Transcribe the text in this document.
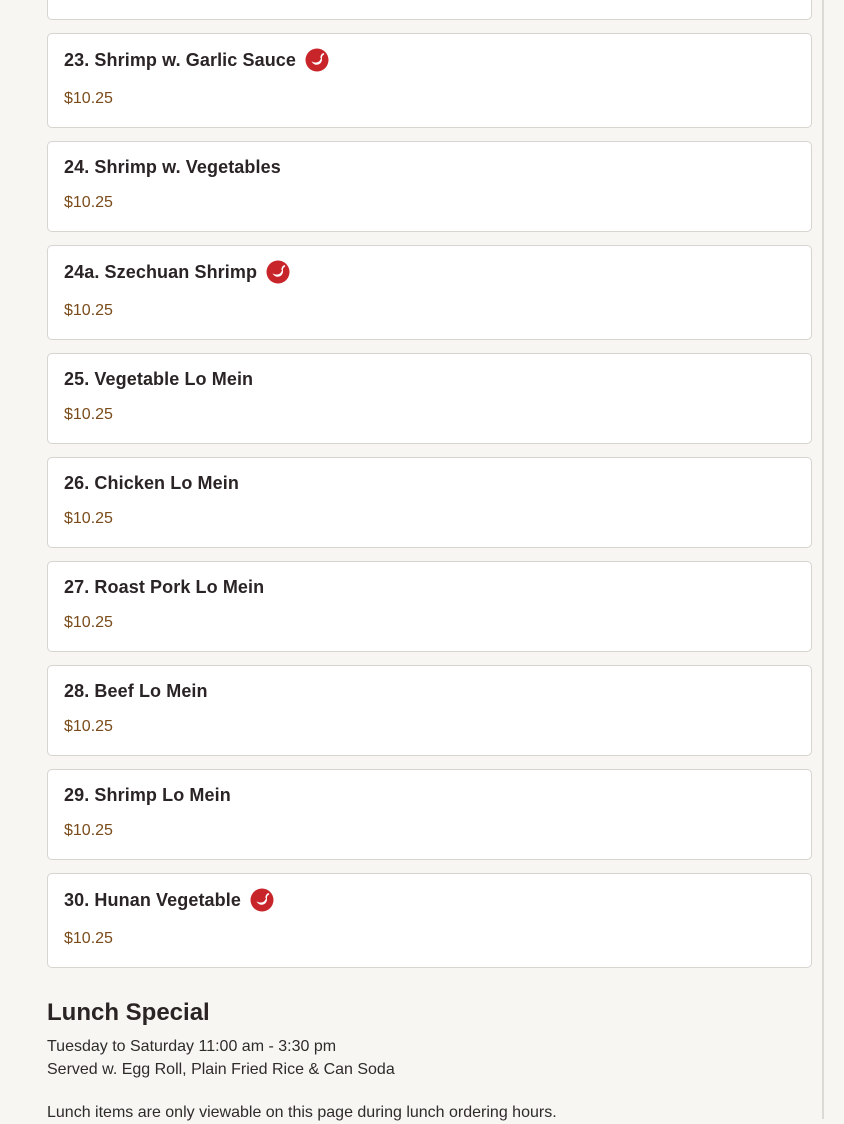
23. Shrimp w. Garlic Sauce
$10.25
24. Shrimp w. Vegetables
$10.25
24a. Szechuan Shrimp
$10.25
25. Vegetable Lo Mein
$10.25
26. Chicken Lo Mein
$10.25
27. Roast Pork Lo Mein
$10.25
28. Beef Lo Mein
$10.25
29. Shrimp Lo Mein
$10.25
30. Hunan Vegetable
$10.25
Lunch Special

Tuesday to Saturday 11:00 am - 3:30 pm

Served w. Egg Roll, Plain Fried Rice & Can Soda

Lunch items are only viewable on this page during lunch ordering hours.
